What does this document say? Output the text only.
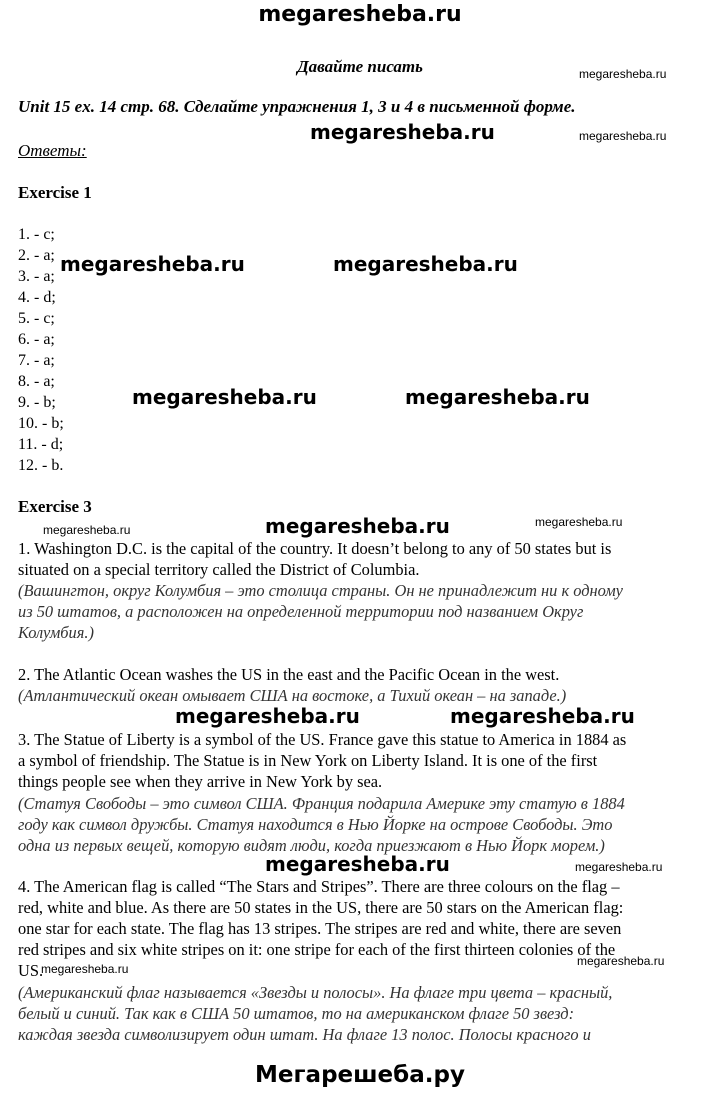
megaresheba.ru
Мегарешеба.ру
Давайте писать
Unit 15 ex. 14 стр. 68. Сделайте упражнения 1, 3 и 4 в письменной форме.
Ответы:
Exercise 1
1. - c;
2. - a;
3. - a;
4. - d;
5. - c;
6. - a;
7. - a;
8. - a;
9. - b;
10. - b;
11. - d;
12. - b.
Exercise 3
1. Washington D.C. is the capital of the country. It doesn’t belong to any of 50 states but is
situated on a special territory called the District of Columbia.
(Вашингтон, округ Колумбия – это столица страны. Он не принадлежит ни к одному
из 50 штатов, а расположен на определенной территории под названием Округ
Колумбия.)
2. The Atlantic Ocean washes the US in the east and the Pacific Ocean in the west.
(Атлантический океан омывает США на востоке, а Тихий океан – на западе.)
3. The Statue of Liberty is a symbol of the US. France gave this statue to America in 1884 as
a symbol of friendship. The Statue is in New York on Liberty Island. It is one of the first
things people see when they arrive in New York by sea.
(Статуя Свободы – это символ США. Франция подарила Америке эту статую в 1884
году как символ дружбы. Статуя находится в Нью Йорке на острове Свободы. Это
одна из первых вещей, которую видят люди, когда приезжают в Нью Йорк морем.)
4. The American flag is called “The Stars and Stripes”. There are three colours on the flag –
red, white and blue. As there are 50 states in the US, there are 50 stars on the American flag:
one star for each state. The flag has 13 stripes. The stripes are red and white, there are seven
red stripes and six white stripes on it: one stripe for each of the first thirteen colonies of the
US.
(Американский флаг называется «Звезды и полосы». На флаге три цвета – красный,
белый и синий. Так как в США 50 штатов, то на американском флаге 50 звезд:
каждая звезда символизирует один штат. На флаге 13 полос. Полосы красного и
megaresheba.ru
megaresheba.ru	megaresheba.ru
megaresheba.ru	megaresheba.ru
megaresheba.ru
megaresheba.ru	megaresheba.ru
megaresheba.ru
megaresheba.ru
megaresheba.ru
megaresheba.ru
megaresheba.ru
megaresheba.ru
megaresheba.ru
megaresheba.ru
